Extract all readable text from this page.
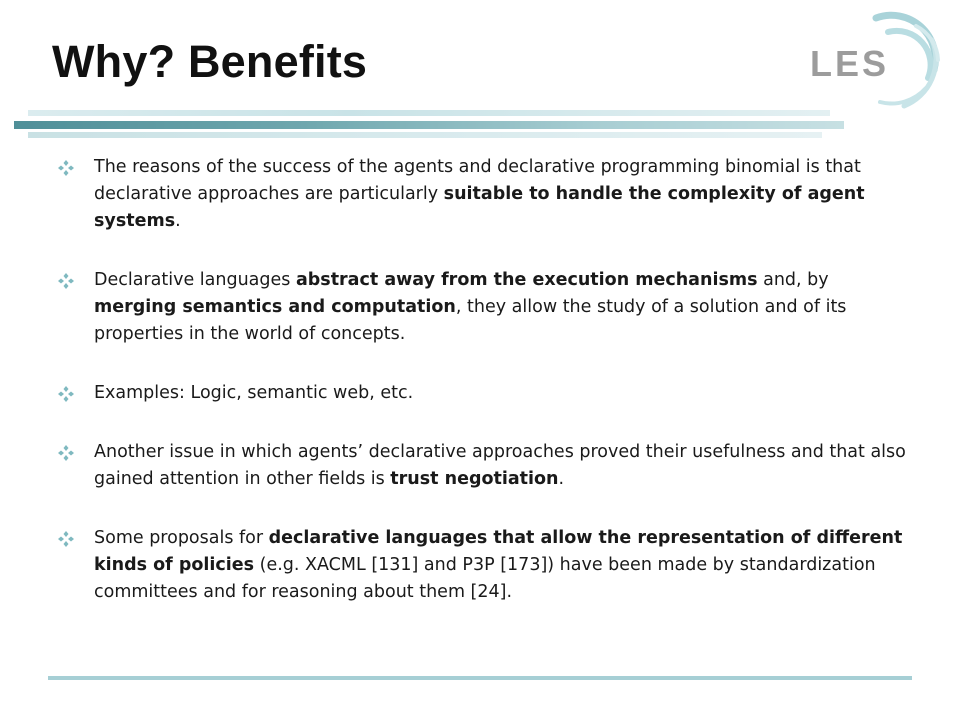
Why? Benefits	LES
The reasons of the success of the agents and declarative programming binomial is that declarative approaches are particularly suitable to handle the complexity of agent systems.
Declarative languages abstract away from the execution mechanisms and, by merging semantics and computation, they allow the study of a solution and of its properties in the world of concepts.
Examples: Logic, semantic web, etc.
Another issue in which agents’ declarative approaches proved their usefulness and that also gained attention in other fields is trust negotiation.
Some proposals for declarative languages that allow the representation of different kinds of policies (e.g. XACML [131] and P3P [173]) have been made by standardization committees and for reasoning about them [24].
